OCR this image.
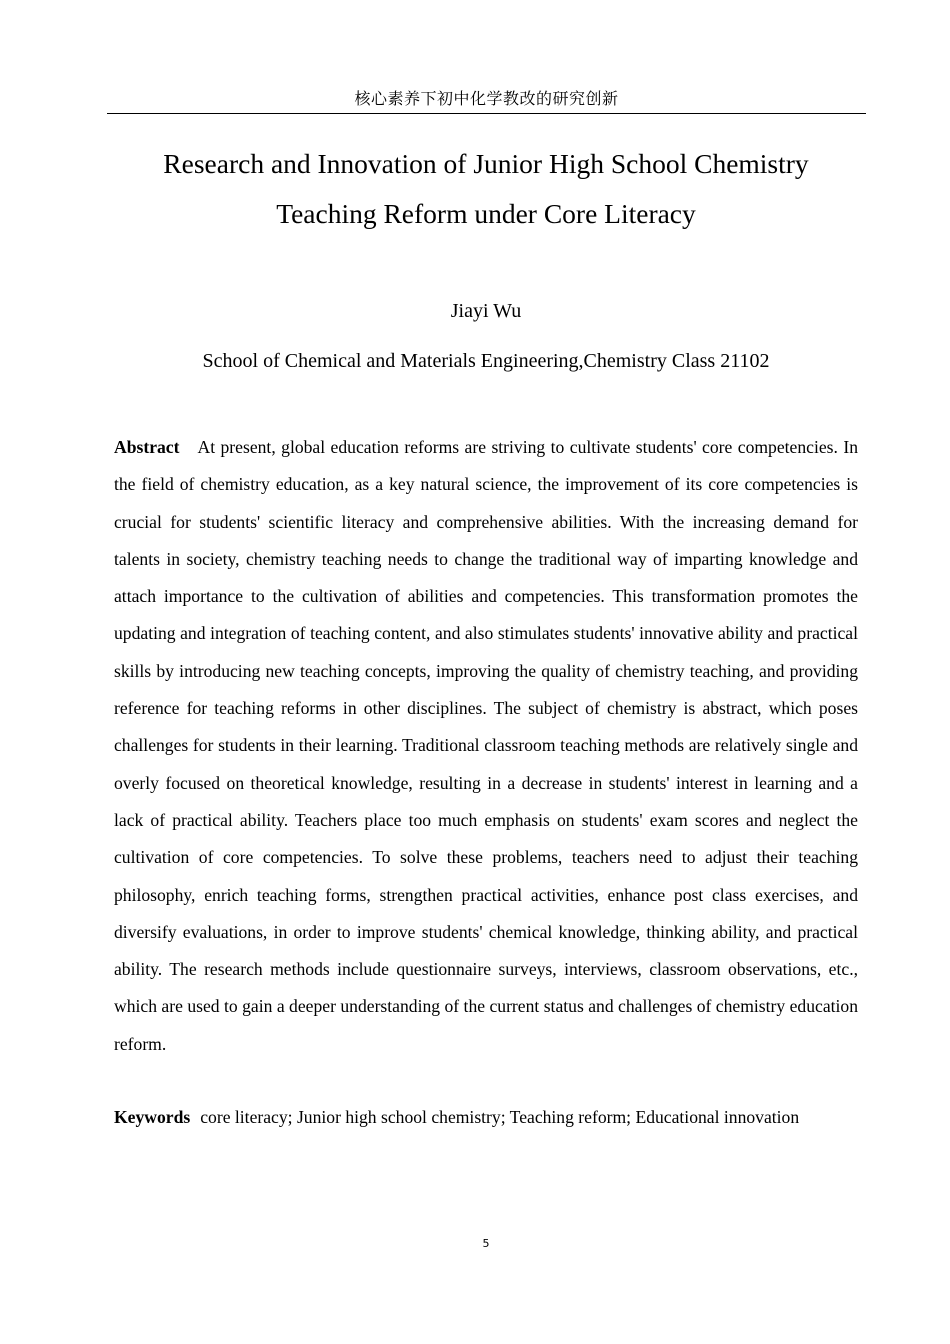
核心素养下初中化学教改的研究创新
Research and Innovation of Junior High School Chemistry
Teaching Reform under Core Literacy
Jiayi Wu
School of Chemical and Materials Engineering,Chemistry Class 21102

Abstract At present, global education reforms are striving to cultivate students' core competencies. In the field of chemistry education, as a key natural science, the improvement of its core competencies is crucial for students' scientific literacy and comprehensive abilities. With the increasing demand for talents in society, chemistry teaching needs to change the traditional way of imparting knowledge and attach importance to the cultivation of abilities and competencies. This transformation promotes the updating and integration of teaching content, and also stimulates students' innovative ability and practical skills by introducing new teaching concepts, improving the quality of chemistry teaching, and providing reference for teaching reforms in other disciplines. The subject of chemistry is abstract, which poses challenges for students in their learning. Traditional classroom teaching methods are relatively single and overly focused on theoretical knowledge, resulting in a decrease in students' interest in learning and a lack of practical ability. Teachers place too much emphasis on students' exam scores and neglect the cultivation of core competencies. To solve these problems, teachers need to adjust their teaching philosophy, enrich teaching forms, strengthen practical activities, enhance post class exercises, and diversify evaluations, in order to improve students' chemical knowledge, thinking ability, and practical ability. The research methods include questionnaire surveys, interviews, classroom observations, etc., which are used to gain a deeper understanding of the current status and challenges of chemistry education reform.

Keywords core literacy; Junior high school chemistry; Teaching reform; Educational innovation

5
